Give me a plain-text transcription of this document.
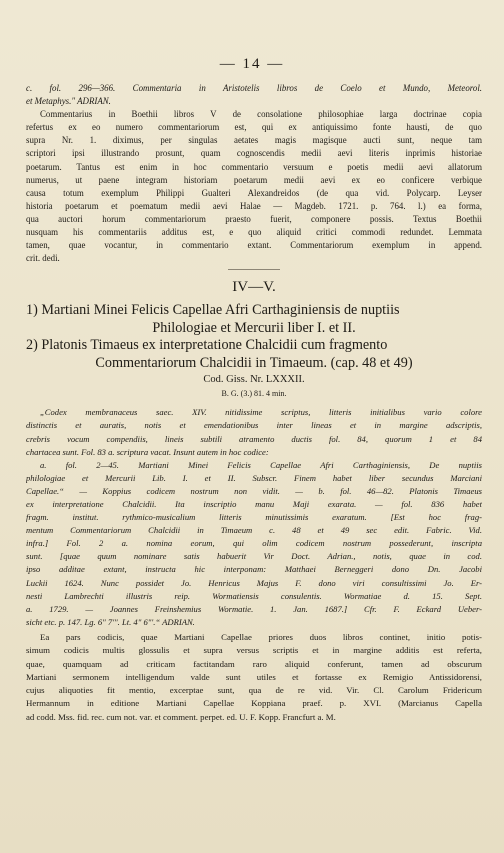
— 14 —
c. fol. 296—366. Commentaria in Aristotelis libros de Coelo et Mundo, Meteorol.
et Metaphys." ADRIAN.
Commentarius in Boethii libros V de consolatione philosophiae larga doctrinae copia
refertus ex eo numero commentariorum est, qui ex antiquissimo fonte hausti, de quo
supra Nr. 1. diximus, per singulas aetates magis magisque aucti sunt, neque tam
scriptori ipsi illustrando prosunt, quam cognoscendis medii aevi literis inprimis historiae
poetarum. Tantus est enim in hoc commentario versuum e poetis medii aevi allatorum
numerus, ut paene integram historiam poetarum medii aevi ex eo conficere verbique
causa totum exemplum Philippi Gualteri Alexandreidos (de qua vid. Polycarp. Leyser
historia poetarum et poematum medii aevi Halae — Magdeb. 1721. p. 764. l.) ea forma,
qua auctori horum commentariorum praesto fuerit, componere possis. Textus Boethii
nusquam his commentariis additus est, e quo aliquid critici commodi redundet. Lemmata
tamen, quae vocantur, in commentario extant. Commentariorum exemplum in append.
crit. dedi.
IV—V.
1) Martiani Minei Felicis Capellae Afri Carthaginiensis de nuptiis
Philologiae et Mercurii liber I. et II.
2) Platonis Timaeus ex interpretatione Chalcidii cum fragmento
Commentariorum Chalcidii in Timaeum. (cap. 48 et 49)
Cod. Giss. Nr. LXXXII.
B. G. (3.) 81. 4 min.
„Codex membranaceus saec. XIV. nitidissime scriptus, litteris initialibus vario colore
distinctis et auratis, notis et emendationibus inter lineas et in margine adscriptis,
crebris vocum compendiis, lineis subtili atramento ductis fol. 84, quorum 1 et 84
chartacea sunt. Fol. 83 a. scriptura vacat. Insunt autem in hoc codice:
a. fol. 2—45. Martiani Minei Felicis Capellae Afri Carthaginiensis, De nuptiis
philologiae et Mercurii Lib. I. et II. Subscr. Finem habet liber secundus Marciani
Capellae.“ — Koppius codicem nostrum non vidit. — b. fol. 46—82. Platonis Timaeus
ex interpretatione Chalcidii. Ita inscriptio manu Maji exarata. — fol. 836 habet
fragm. institut. rythmico-musicalium litteris minutissimis exaratum. [Est hoc frag-
mentum Commentariorum Chalcidii in Timaeum c. 48 et 49 sec edit. Fabric. Vid.
infra.] Fol. 2 a. nomina eorum, qui olim codicem nostrum possederunt, inscripta
sunt. [quae quum nominare satis habuerit Vir Doct. Adrian., notis, quae in cod.
ipso additae extant, instructa hic interponam: Matthaei Berneggeri dono Dn. Jacobi
Luckii 1624. Nunc possidet Jo. Henricus Majus F. dono viri consultissimi Jo. Er-
nesti Lambrechti illustris reip. Wormatiensis consulentis. Wormatiae d. 15. Sept.
a. 1729. — Joannes Freinshemius Wormatie. 1. Jan. 1687.] Cfr. F. Eckard Ueber-
sicht etc. p. 147. Lg. 6" 7"'. Lt. 4" 6"'.“ ADRIAN.
Ea pars codicis, quae Martiani Capellae priores duos libros continet, initio potis-
simum codicis multis glossulis et supra versus scriptis et in margine additis est referta,
quae, quamquam ad criticam factitandam raro aliquid conferunt, tamen ad obscurum
Martiani sermonem intelligendum valde sunt utiles et fortasse ex Remigio Antissidorensi,
cujus aliquoties fit mentio, excerptae sunt, qua de re vid. Vir. Cl. Carolum Fridericum
Hermannum in editione Martiani Capellae Koppiana praef. p. XVI. (Marcianus Capella
ad codd. Mss. fid. rec. cum not. var. et comment. perpet. ed. U. F. Kopp. Francfurt a. M.
